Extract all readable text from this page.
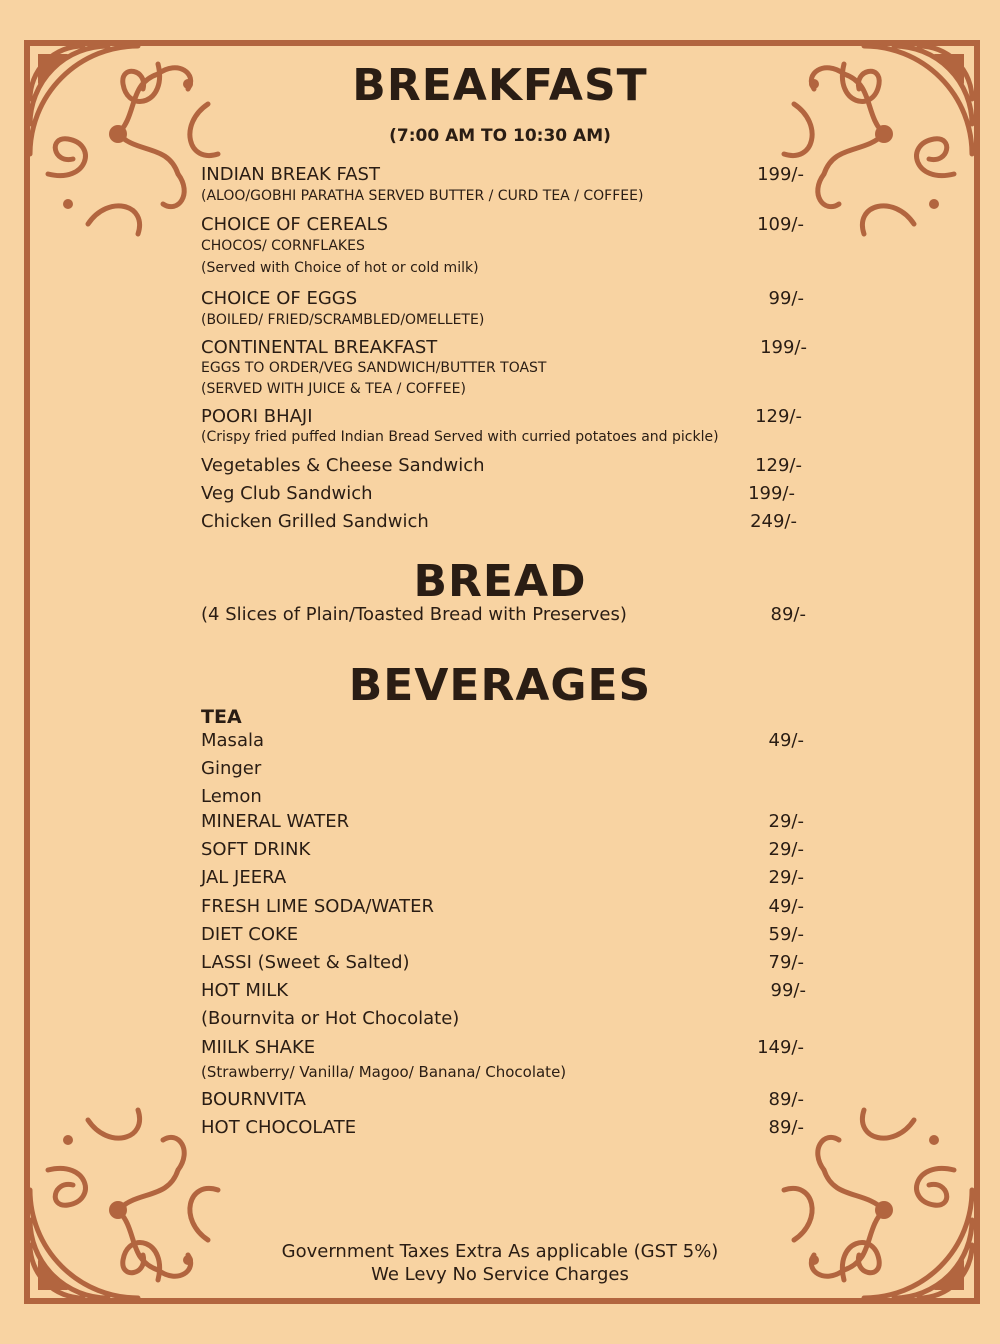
BREAKFAST
(7:00 AM TO 10:30 AM)
INDIAN BREAK FAST	199/-
(ALOO/GOBHI PARATHA SERVED BUTTER / CURD TEA / COFFEE)
CHOICE OF CEREALS	109/-
CHOCOS/ CORNFLAKES
(Served with Choice of hot or cold milk)
CHOICE OF EGGS	99/-
(BOILED/ FRIED/SCRAMBLED/OMELLETE)
CONTINENTAL BREAKFAST	199/-
EGGS TO ORDER/VEG SANDWICH/BUTTER TOAST
(SERVED WITH JUICE & TEA / COFFEE)
POORI BHAJI	129/-
(Crispy fried puffed Indian Bread Served with curried potatoes and pickle)
Vegetables & Cheese Sandwich	129/-
Veg Club Sandwich	199/-
Chicken Grilled Sandwich	249/-
BREAD
(4 Slices of Plain/Toasted Bread with Preserves)	89/-
BEVERAGES
TEA
Masala	49/-
Ginger
Lemon
MINERAL WATER	29/-
SOFT DRINK	29/-
JAL JEERA	29/-
FRESH LIME SODA/WATER	49/-
DIET COKE	59/-
LASSI (Sweet & Salted)	79/-
HOT MILK	99/-
(Bournvita or Hot Chocolate)
MIILK SHAKE	149/-
(Strawberry/ Vanilla/ Magoo/ Banana/ Chocolate)
BOURNVITA	89/-
HOT CHOCOLATE	89/-
Government Taxes Extra As applicable (GST 5%)
We Levy No Service Charges
